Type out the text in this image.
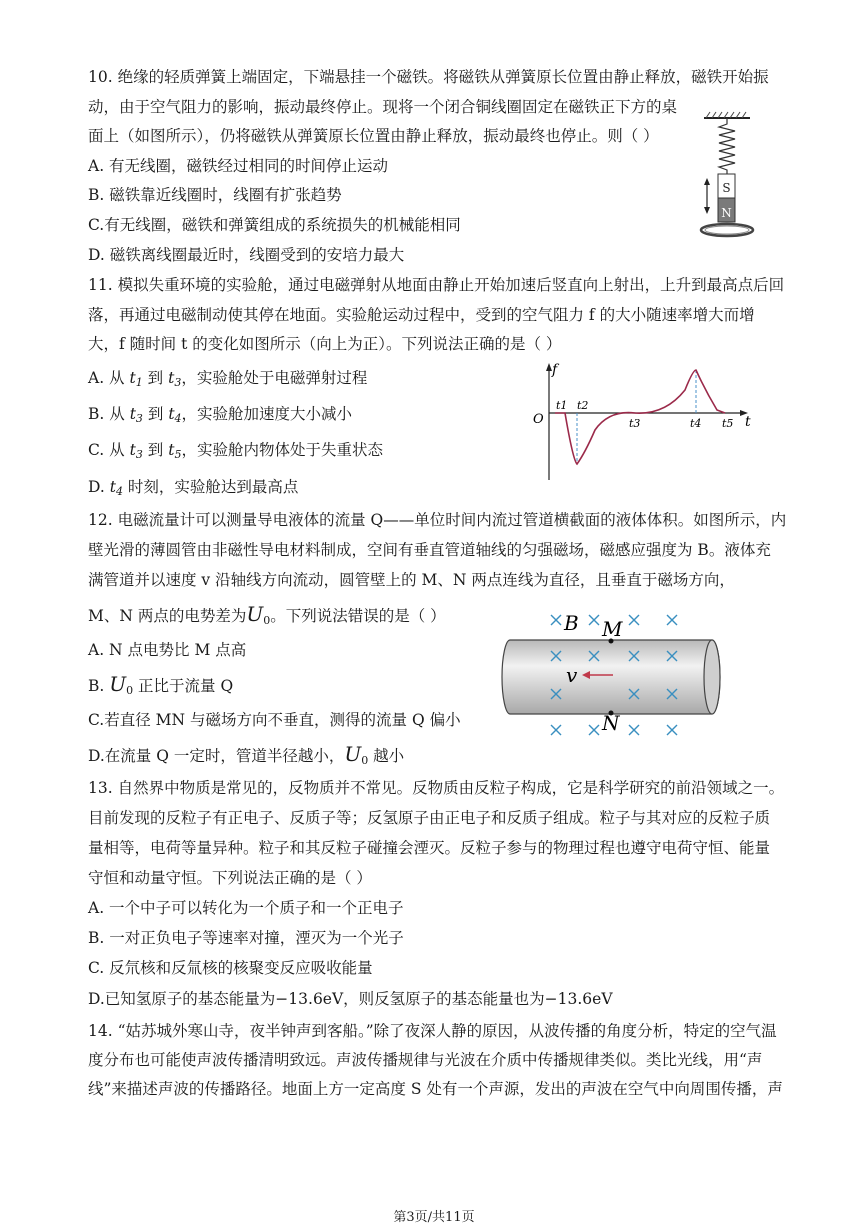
10. 绝缘的轻质弹簧上端固定，下端悬挂一个磁铁。将磁铁从弹簧原长位置由静止释放，磁铁开始振
动，由于空气阻力的影响，振动最终停止。现将一个闭合铜线圈固定在磁铁正下方的桌
面上（如图所示），仍将磁铁从弹簧原长位置由静止释放，振动最终也停止。则（ ）
A. 有无线圈，磁铁经过相同的时间停止运动
B. 磁铁靠近线圈时，线圈有扩张趋势
C.有无线圈，磁铁和弹簧组成的系统损失的机械能相同
D. 磁铁离线圈最近时，线圈受到的安培力最大
S
N
11. 模拟失重环境的实验舱，通过电磁弹射从地面由静止开始加速后竖直向上射出，上升到最高点后回
落，再通过电磁制动使其停在地面。实验舱运动过程中，受到的空气阻力 f 的大小随速率增大而增
大，f 随时间 t 的变化如图所示（向上为正）。下列说法正确的是（ ）
A. 从 $t_1$ 到 $t_3$，实验舱处于电磁弹射过程
B. 从 $t_3$ 到 $t_4$，实验舱加速度大小减小
C. 从 $t_3$ 到 $t_5$，实验舱内物体处于失重状态
D. $t_4$ 时刻，实验舱达到最高点
f
t
O
t1 t2
t3	t4 t5
12. 电磁流量计可以测量导电液体的流量 Q——单位时间内流过管道横截面的液体体积。如图所示，内
壁光滑的薄圆管由非磁性导电材料制成，空间有垂直管道轴线的匀强磁场，磁感应强度为 B。液体充
满管道并以速度 v 沿轴线方向流动，圆管壁上的 M、N 两点连线为直径，且垂直于磁场方向，
M、N 两点的电势差为$U_0$。下列说法错误的是（ ）
A. N 点电势比 M 点高
B. $U_0$ 正比于流量 Q
C.若直径 MN 与磁场方向不垂直，测得的流量 Q 偏小
D.在流量 Q 一定时，管道半径越小，$U_0$ 越小
M
N
B
v
13. 自然界中物质是常见的，反物质并不常见。反物质由反粒子构成，它是科学研究的前沿领域之一。
目前发现的反粒子有正电子、反质子等；反氢原子由正电子和反质子组成。粒子与其对应的反粒子质
量相等，电荷等量异种。粒子和其反粒子碰撞会湮灭。反粒子参与的物理过程也遵守电荷守恒、能量
守恒和动量守恒。下列说法正确的是（ ）
A. 一个中子可以转化为一个质子和一个正电子
B. 一对正负电子等速率对撞，湮灭为一个光子
C. 反氘核和反氚核的核聚变反应吸收能量
D.已知氢原子的基态能量为−13.6eV，则反氢原子的基态能量也为−13.6eV
14. “姑苏城外寒山寺，夜半钟声到客船。”除了夜深人静的原因，从波传播的角度分析，特定的空气温
度分布也可能使声波传播清明致远。声波传播规律与光波在介质中传播规律类似。类比光线，用“声
线”来描述声波的传播路径。地面上方一定高度 S 处有一个声源，发出的声波在空气中向周围传播，声
第3页/共11页
